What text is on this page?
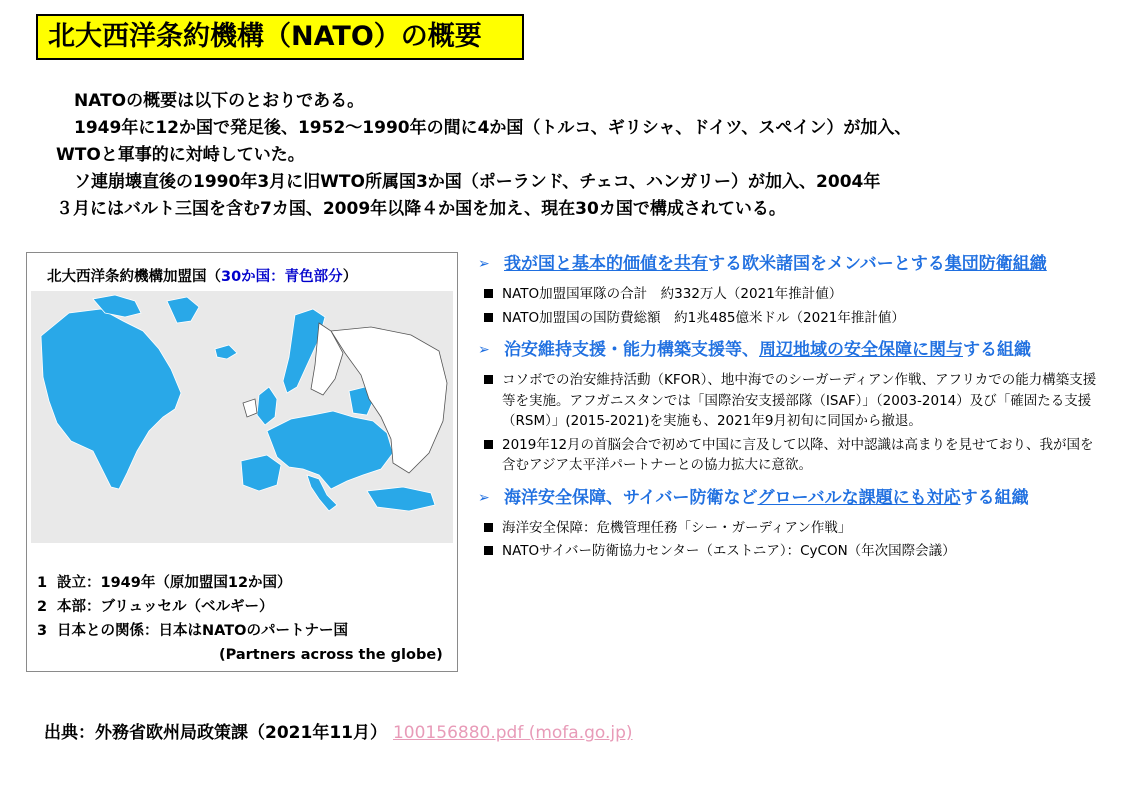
北大西洋条約機構（NATO）の概要

NATOの概要は以下のとおりである。

1949年に12か国で発足後、1952〜1990年の間に4か国（トルコ、ギリシャ、ドイツ、スペイン）が加入、

WTOと軍事的に対峙していた。

ソ連崩壊直後の1990年3月に旧WTO所属国3か国（ポーランド、チェコ、ハンガリー）が加入、2004年

３月にはバルト三国を含む7カ国、2009年以降４か国を加え、現在30カ国で構成されている。

北大西洋条約機構加盟国（30か国：青色部分）
1 設立：1949年（原加盟国12か国）
2 本部：ブリュッセル（ベルギー）
3 日本との関係：日本はNATOのパートナー国
(Partners across the globe)
➢ 我が国と基本的価値を共有する欧米諸国をメンバーとする集団防衛組織
NATO加盟国軍隊の合計　約332万人（2021年推計値）
NATO加盟国の国防費総額　約1兆485億米ドル（2021年推計値）
➢ 治安維持支援・能力構築支援等、周辺地域の安全保障に関与する組織
コソボでの治安維持活動（KFOR）、地中海でのシーガーディアン作戦、アフリカでの能力構築支援等を実施。アフガニスタンでは「国際治安支援部隊（ISAF）」（2003-2014）及び「確固たる支援（RSM）」(2015-2021)を実施も、2021年9月初旬に同国から撤退。
2019年12月の首脳会合で初めて中国に言及して以降、対中認識は高まりを見せており、我が国を含むアジア太平洋パートナーとの協力拡大に意欲。
➢ 海洋安全保障、サイバー防衛などグローバルな課題にも対応する組織
海洋安全保障：危機管理任務「シー・ガーディアン作戦」
NATOサイバー防衛協力センター（エストニア）：CyCON（年次国際会議）
出典：外務省欧州局政策課（2021年11月） 100156880.pdf (mofa.go.jp)
